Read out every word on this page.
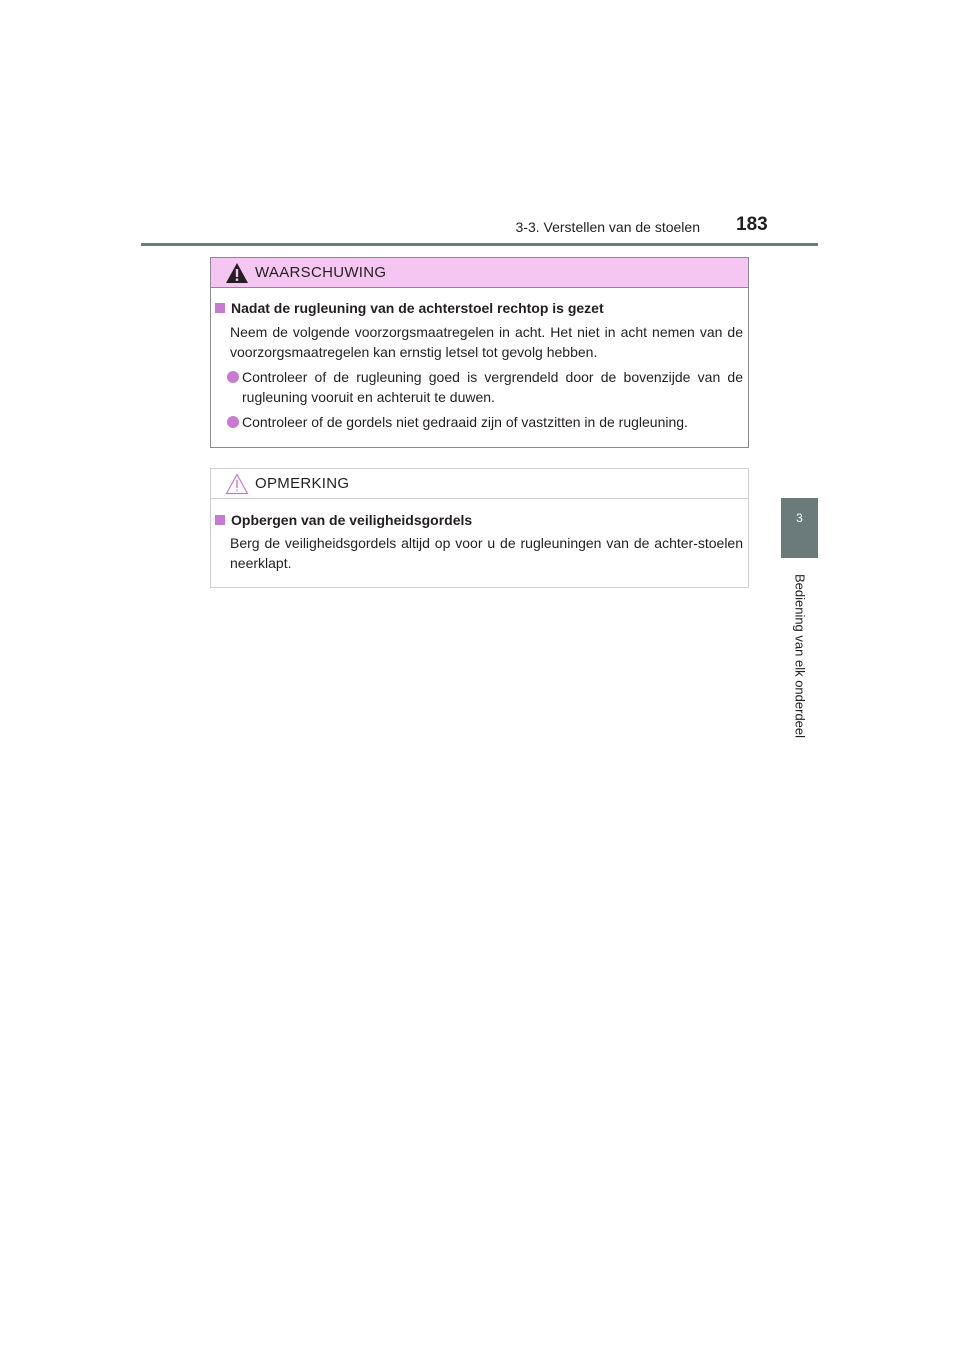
3-3. Verstellen van de stoelen 183
3
Bediening van elk onderdeel
WAARSCHUWING
Nadat de rugleuning van de achterstoel rechtop is gezet
Neem de volgende voorzorgsmaatregelen in acht. Het niet in acht nemen van de voorzorgsmaatregelen kan ernstig letsel tot gevolg hebben.
Controleer of de rugleuning goed is vergrendeld door de bovenzijde van de rugleuning vooruit en achteruit te duwen.
Controleer of de gordels niet gedraaid zijn of vastzitten in de rugleuning.
OPMERKING
Opbergen van de veiligheidsgordels
Berg de veiligheidsgordels altijd op voor u de rugleuningen van de achter-stoelen neerklapt.
